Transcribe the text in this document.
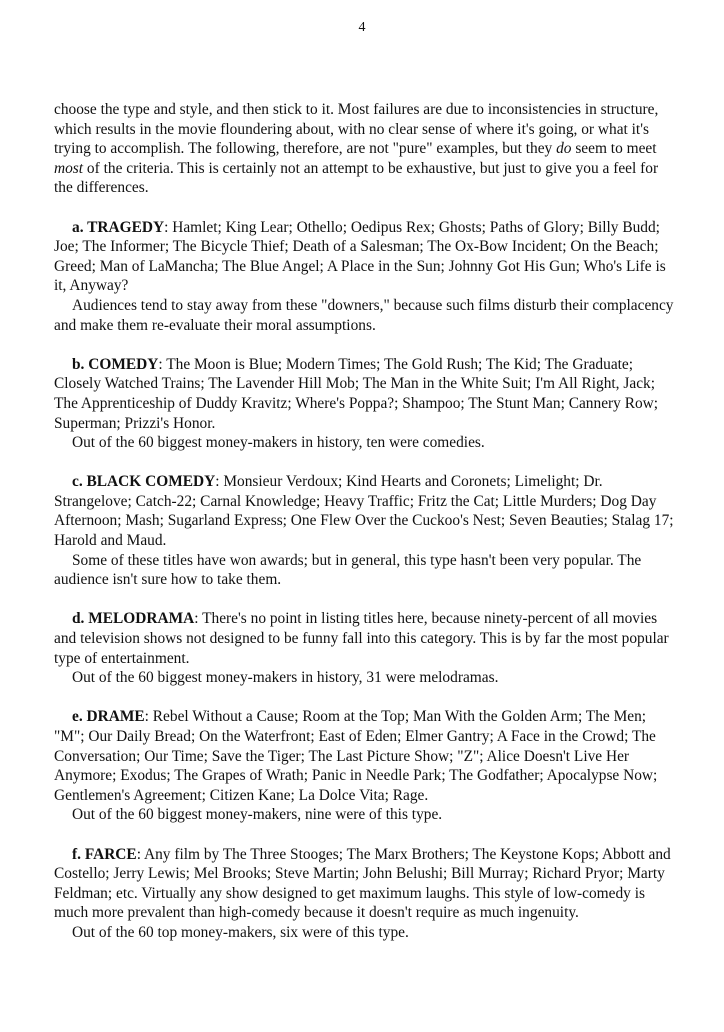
4

choose the type and style, and then stick to it. Most failures are due to inconsistencies in structure, which results in the movie floundering about, with no clear sense of where it's going, or what it's trying to accomplish. The following, therefore, are not "pure" examples, but they do seem to meet most of the criteria. This is certainly not an attempt to be exhaustive, but just to give you a feel for the differences.

a. TRAGEDY: Hamlet; King Lear; Othello; Oedipus Rex; Ghosts; Paths of Glory; Billy Budd; Joe; The Informer; The Bicycle Thief; Death of a Salesman; The Ox-Bow Incident; On the Beach; Greed; Man of LaMancha; The Blue Angel; A Place in the Sun; Johnny Got His Gun; Who's Life is it, Anyway?

Audiences tend to stay away from these "downers," because such films disturb their complacency and make them re-evaluate their moral assumptions.

b. COMEDY: The Moon is Blue; Modern Times; The Gold Rush; The Kid; The Graduate; Closely Watched Trains; The Lavender Hill Mob; The Man in the White Suit; I'm All Right, Jack; The Apprenticeship of Duddy Kravitz; Where's Poppa?; Shampoo; The Stunt Man; Cannery Row; Superman; Prizzi's Honor.

Out of the 60 biggest money-makers in history, ten were comedies.

c. BLACK COMEDY: Monsieur Verdoux; Kind Hearts and Coronets; Limelight; Dr. Strangelove; Catch-22; Carnal Knowledge; Heavy Traffic; Fritz the Cat; Little Murders; Dog Day Afternoon; Mash; Sugarland Express; One Flew Over the Cuckoo's Nest; Seven Beauties; Stalag 17; Harold and Maud.

Some of these titles have won awards; but in general, this type hasn't been very popular. The audience isn't sure how to take them.

d. MELODRAMA: There's no point in listing titles here, because ninety-percent of all movies and television shows not designed to be funny fall into this category. This is by far the most popular type of entertainment.

Out of the 60 biggest money-makers in history, 31 were melodramas.

e. DRAME: Rebel Without a Cause; Room at the Top; Man With the Golden Arm; The Men; "M"; Our Daily Bread; On the Waterfront; East of Eden; Elmer Gantry; A Face in the Crowd; The Conversation; Our Time; Save the Tiger; The Last Picture Show; "Z"; Alice Doesn't Live Her Anymore; Exodus; The Grapes of Wrath; Panic in Needle Park; The Godfather; Apocalypse Now; Gentlemen's Agreement; Citizen Kane; La Dolce Vita; Rage.

Out of the 60 biggest money-makers, nine were of this type.

f. FARCE: Any film by The Three Stooges; The Marx Brothers; The Keystone Kops; Abbott and Costello; Jerry Lewis; Mel Brooks; Steve Martin; John Belushi; Bill Murray; Richard Pryor; Marty Feldman; etc. Virtually any show designed to get maximum laughs. This style of low-comedy is much more prevalent than high-comedy because it doesn't require as much ingenuity.

Out of the 60 top money-makers, six were of this type.
